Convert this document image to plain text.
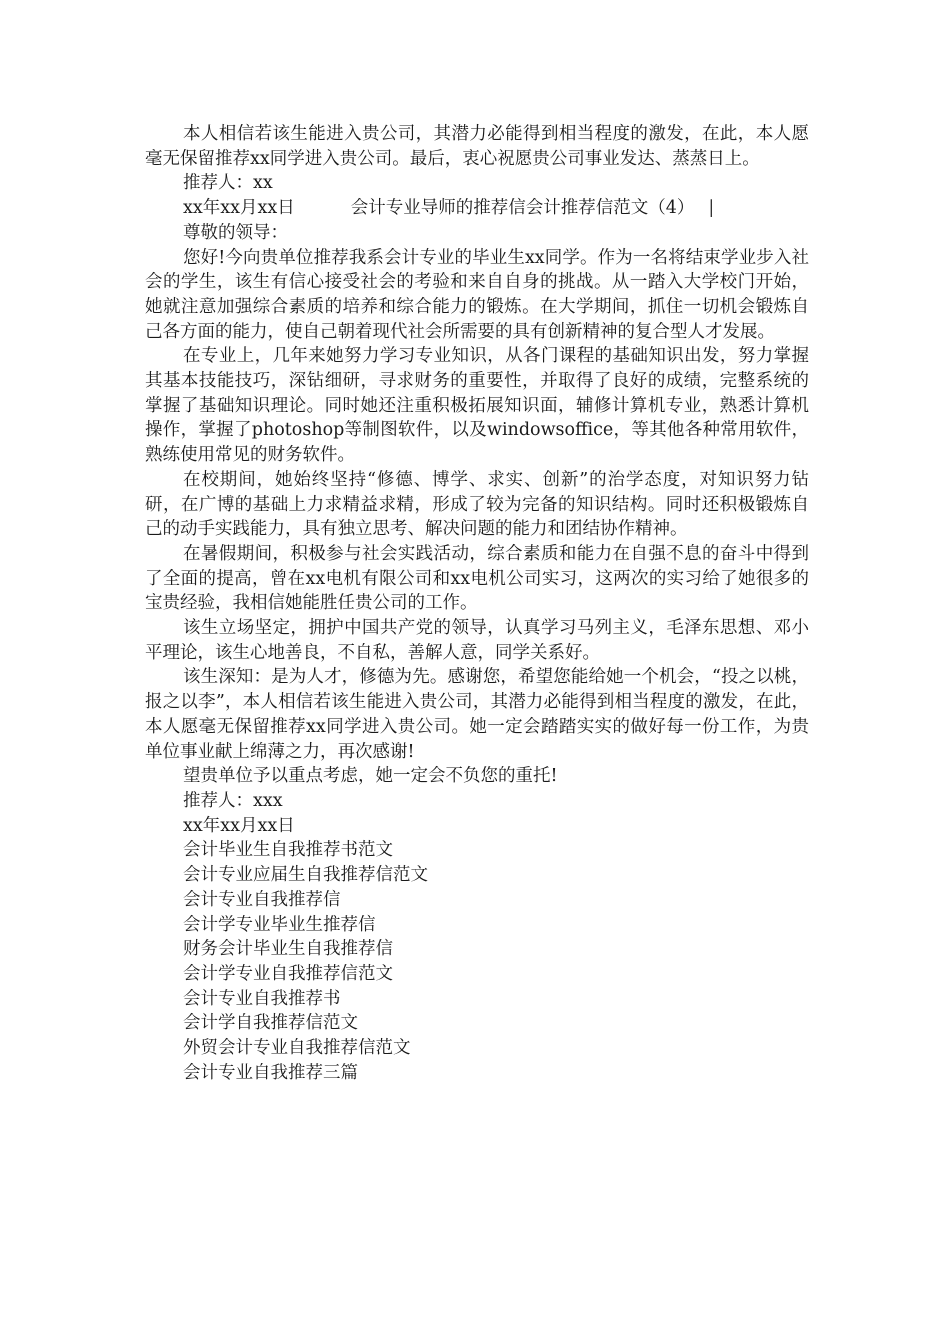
本人相信若该生能进入贵公司，其潜力必能得到相当程度的激发，在此，本人愿毫无保留推荐xx同学进入贵公司。最后，衷心祝愿贵公司事业发达、蒸蒸日上。

推荐人：xx

xx年xx月xx日	会计专业导师的推荐信会计推荐信范文（4） |

尊敬的领导：

您好!今向贵单位推荐我系会计专业的毕业生xx同学。作为一名将结束学业步入社会的学生，该生有信心接受社会的考验和来自自身的挑战。从一踏入大学校门开始，她就注意加强综合素质的培养和综合能力的锻炼。在大学期间，抓住一切机会锻炼自己各方面的能力，使自己朝着现代社会所需要的具有创新精神的复合型人才发展。

在专业上，几年来她努力学习专业知识，从各门课程的基础知识出发，努力掌握其基本技能技巧，深钻细研，寻求财务的重要性，并取得了良好的成绩，完整系统的掌握了基础知识理论。同时她还注重积极拓展知识面，辅修计算机专业，熟悉计算机操作，掌握了photoshop等制图软件，以及windowsoffice，等其他各种常用软件，熟练使用常见的财务软件。

在校期间，她始终坚持“修德、博学、求实、创新”的治学态度，对知识努力钻研，在广博的基础上力求精益求精，形成了较为完备的知识结构。同时还积极锻炼自己的动手实践能力，具有独立思考、解决问题的能力和团结协作精神。

在暑假期间，积极参与社会实践活动，综合素质和能力在自强不息的奋斗中得到了全面的提高，曾在xx电机有限公司和xx电机公司实习，这两次的实习给了她很多的宝贵经验，我相信她能胜任贵公司的工作。

该生立场坚定，拥护中国共产党的领导，认真学习马列主义，毛泽东思想、邓小平理论，该生心地善良，不自私，善解人意，同学关系好。

该生深知：是为人才，修德为先。感谢您，希望您能给她一个机会，“投之以桃，报之以李”，本人相信若该生能进入贵公司，其潜力必能得到相当程度的激发，在此，本人愿毫无保留推荐xx同学进入贵公司。她一定会踏踏实实的做好每一份工作，为贵单位事业献上绵薄之力，再次感谢!

望贵单位予以重点考虑，她一定会不负您的重托!

推荐人：xxx

xx年xx月xx日

会计毕业生自我推荐书范文

会计专业应届生自我推荐信范文

会计专业自我推荐信

会计学专业毕业生推荐信

财务会计毕业生自我推荐信

会计学专业自我推荐信范文

会计专业自我推荐书

会计学自我推荐信范文

外贸会计专业自我推荐信范文

会计专业自我推荐三篇
